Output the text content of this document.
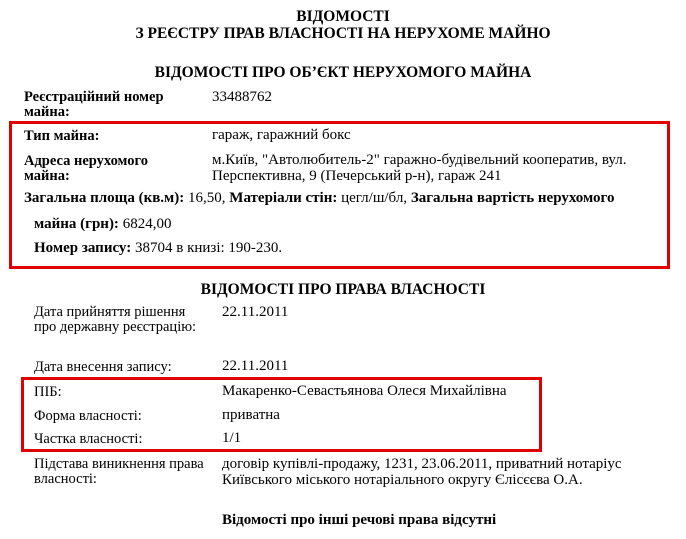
ВІДОМОСТІ
З РЕЄСТРУ ПРАВ ВЛАСНОСТІ НА НЕРУХОМЕ МАЙНО
ВІДОМОСТІ ПРО ОБ’ЄКТ НЕРУХОМОГО МАЙНА
Реєстраційний номер майна:
33488762
Тип майна:	гараж, гаражний бокс
Адреса нерухомого майна:
м.Київ, "Автолюбитель-2" гаражно-будівельний кооператив, вул. Перспективна, 9 (Печерський р-н), гараж 241
Загальна площа (кв.м): 16,50, Матеріали стін: цегл/ш/бл, Загальна вартість нерухомого
майна (грн): 6824,00
Номер запису: 38704 в книзі: 190-230.
ВІДОМОСТІ ПРО ПРАВА ВЛАСНОСТІ
Дата прийняття рішення про державну реєстрацію:
22.11.2011
Дата внесення запису:	22.11.2011
ПІБ:	Макаренко-Севастьянова Олеся Михайлівна
Форма власності:	приватна
Частка власності:	1/1
Підстава виникнення права власності:
договір купівлі-продажу, 1231, 23.06.2011, приватний нотаріус Київського міського нотаріального округу Єлісєєва О.А.
Відомості про інші речові права відсутні
